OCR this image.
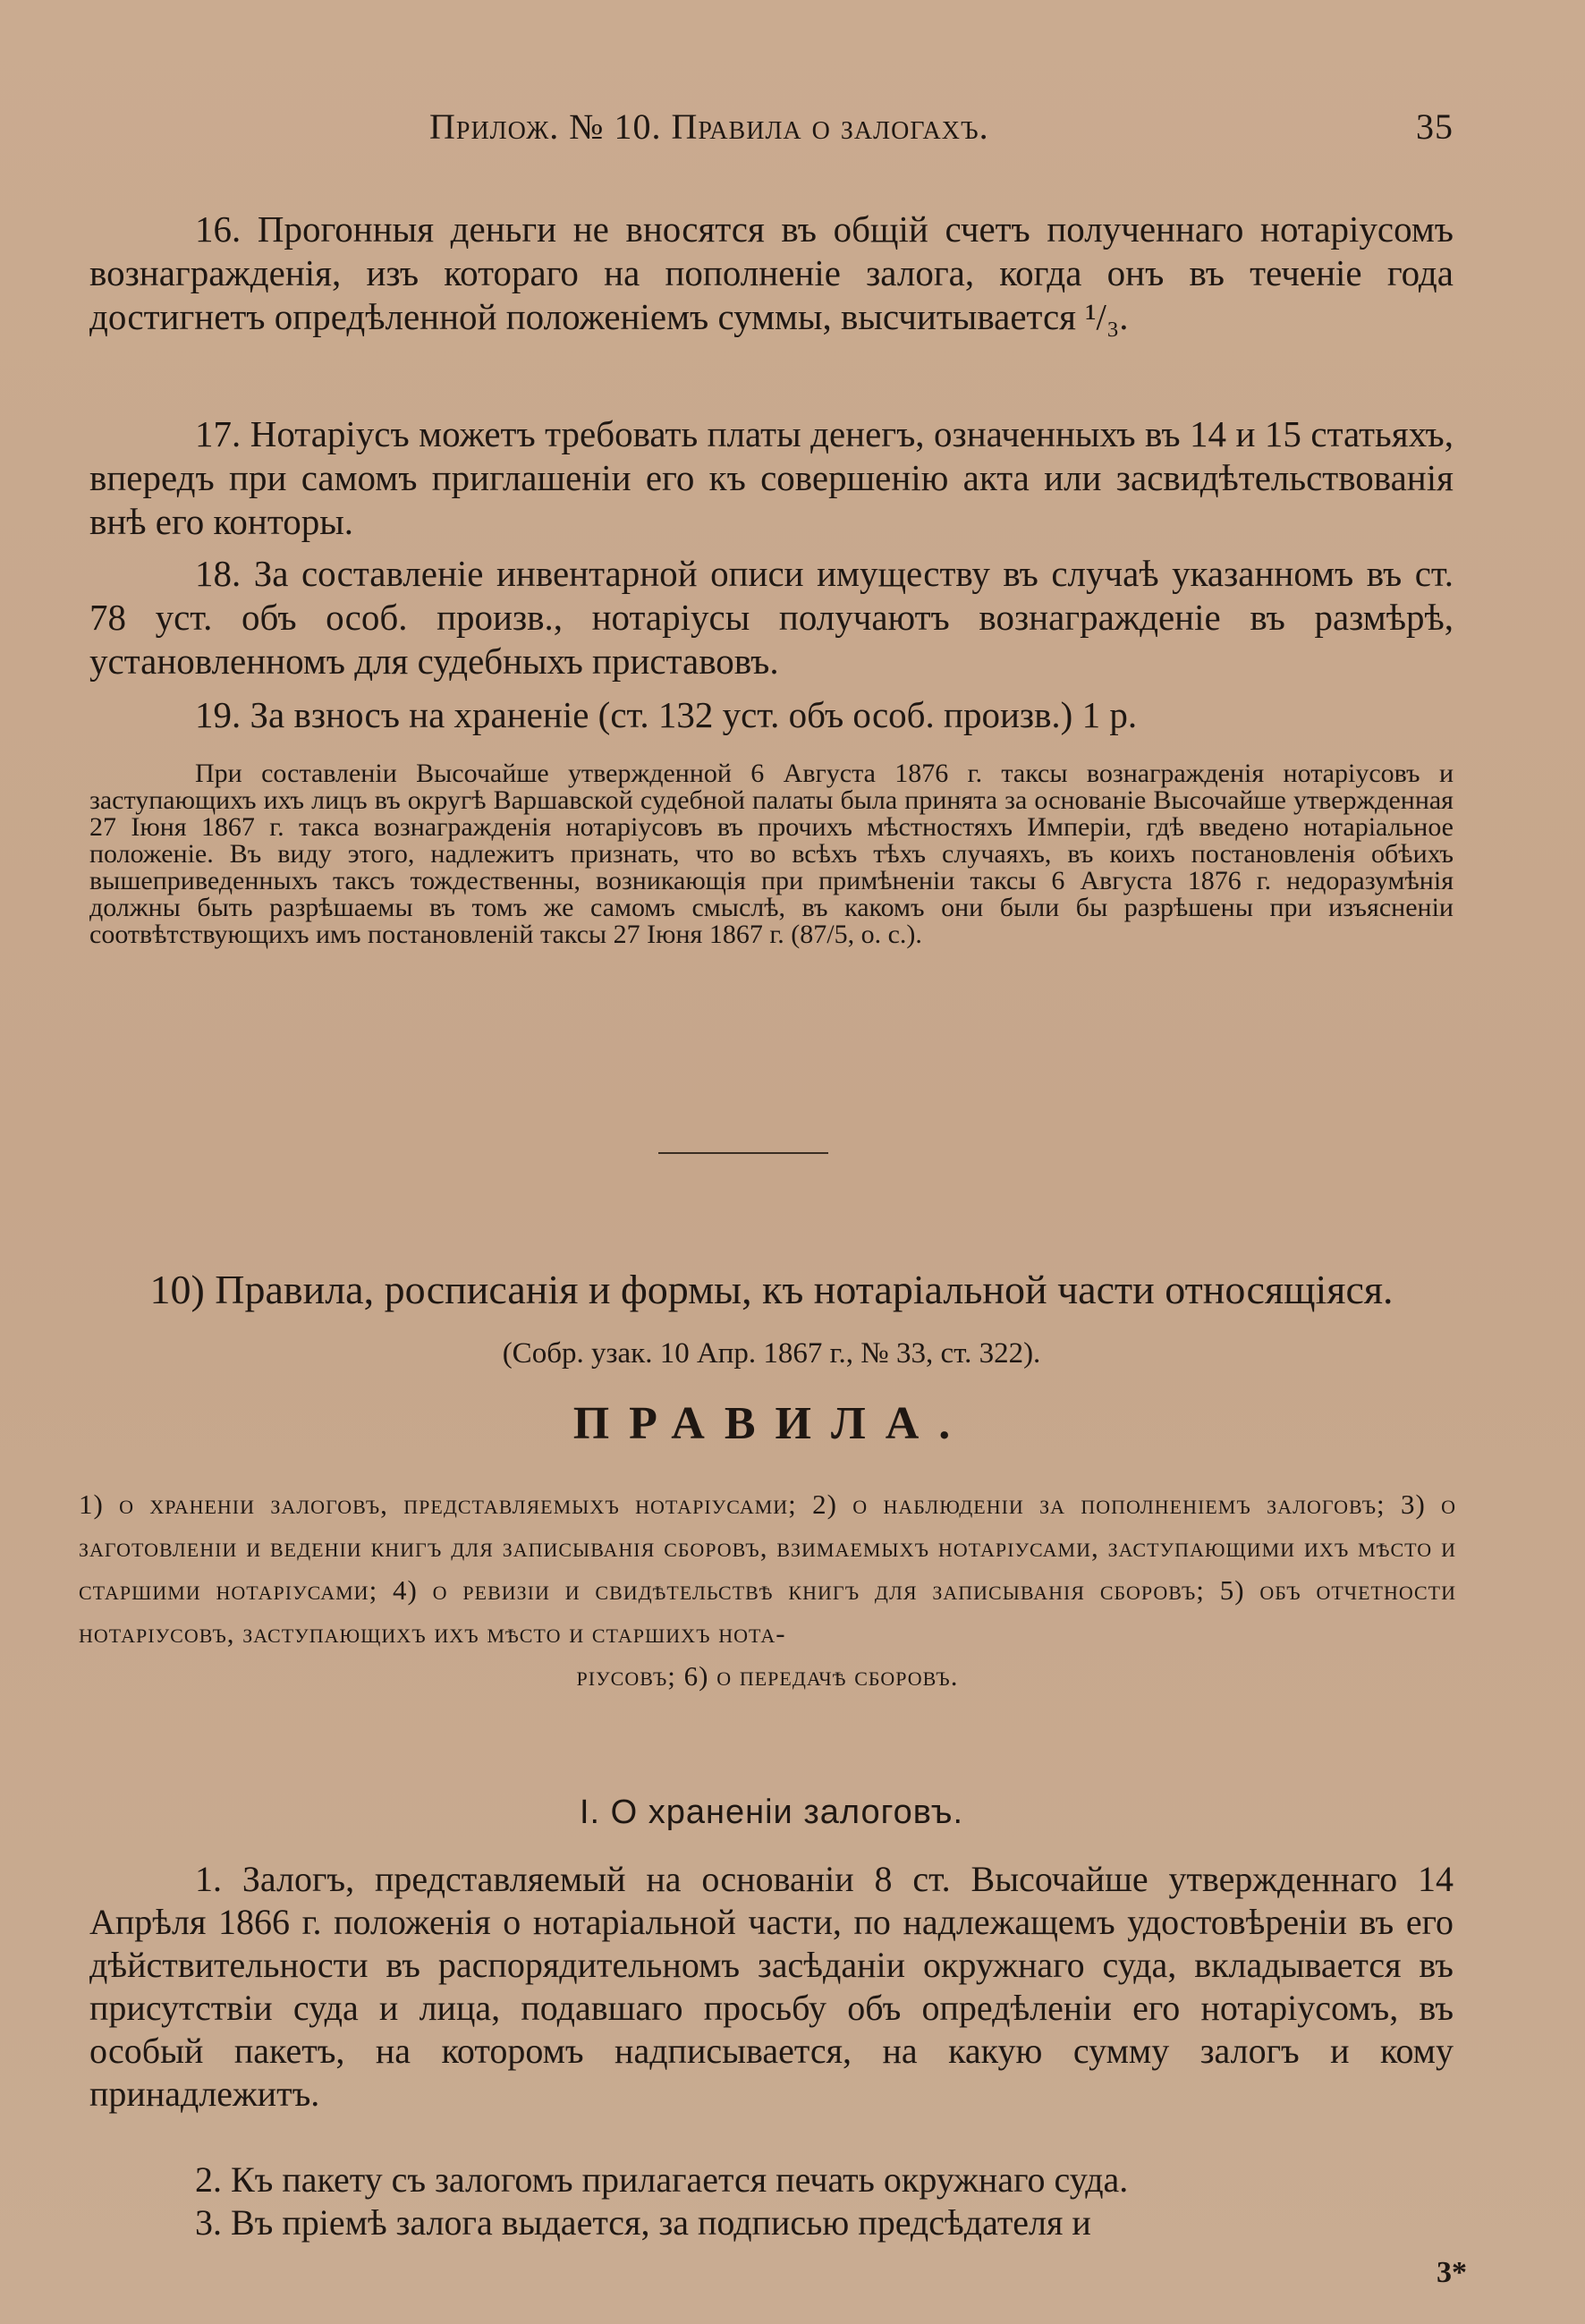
Прилож. № 10. Правила о залогахъ.	35

16. Прогонныя деньги не вносятся въ общій счетъ полученнаго нотаріусомъ вознагражденія, изъ котораго на пополненіе залога, когда онъ въ теченіе года достигнетъ опредѣленной положеніемъ суммы, высчитывается ¹/₃.

17. Нотаріусъ можетъ требовать платы денегъ, означенныхъ въ 14 и 15 статьяхъ, впередъ при самомъ приглашеніи его къ совершенію акта или засвидѣтельствованія внѣ его конторы.

18. За составленіе инвентарной описи имуществу въ случаѣ указанномъ въ ст. 78 уст. объ особ. произв., нотаріусы получаютъ вознагражденіе въ размѣрѣ, установленномъ для судебныхъ приставовъ.

19. За взносъ на храненіе (ст. 132 уст. объ особ. произв.) 1 р.

При составленіи Высочайше утвержденной 6 Августа 1876 г. таксы вознагражденія нотаріусовъ и заступающихъ ихъ лицъ въ округѣ Варшавской судебной палаты была принята за основаніе Высочайше утвержденная 27 Іюня 1867 г. такса вознагражденія нотаріусовъ въ прочихъ мѣстностяхъ Имперіи, гдѣ введено нотаріальное положеніе. Въ виду этого, надлежитъ признать, что во всѣхъ тѣхъ случаяхъ, въ коихъ постановленія обѣихъ вышеприведенныхъ таксъ тождественны, возникающія при примѣненіи таксы 6 Августа 1876 г. недоразумѣнія должны быть разрѣшаемы въ томъ же самомъ смыслѣ, въ какомъ они были бы разрѣшены при изъясненіи соотвѣтствующихъ имъ постановленій таксы 27 Іюня 1867 г. (87/5, о. с.).

10) Правила, росписанія и формы, къ нотаріальной части относящіяся.
(Собр. узак. 10 Апр. 1867 г., № 33, ст. 322).
ПРАВИЛА.
1) о храненіи залоговъ, представляемыхъ нотаріусами; 2) о наблюденіи за пополненіемъ залоговъ; 3) о заготовленіи и веденіи книгъ для записыванія сборовъ, взимаемыхъ нотаріусами, заступающими ихъ мѣсто и старшими нотаріусами; 4) о ревизіи и свидѣтельствѣ книгъ для записыванія сборовъ; 5) объ отчетности нотаріусовъ, заступающихъ ихъ мѣсто и старшихъ нота-
ріусовъ; 6) о передачѣ сборовъ.
I. О храненіи залоговъ.

1. Залогъ, представляемый на основаніи 8 ст. Высочайше утвержденнаго 14 Апрѣля 1866 г. положенія о нотаріальной части, по надлежащемъ удостовѣреніи въ его дѣйствительности въ распорядительномъ засѣданіи окружнаго суда, вкладывается въ присутствіи суда и лица, подавшаго просьбу объ опредѣленіи его нотаріусомъ, въ особый пакетъ, на которомъ надписывается, на какую сумму залогъ и кому принадлежитъ.

2. Къ пакету съ залогомъ прилагается печать окружнаго суда.

3. Въ пріемѣ залога выдается, за подписью предсѣдателя и

3*
